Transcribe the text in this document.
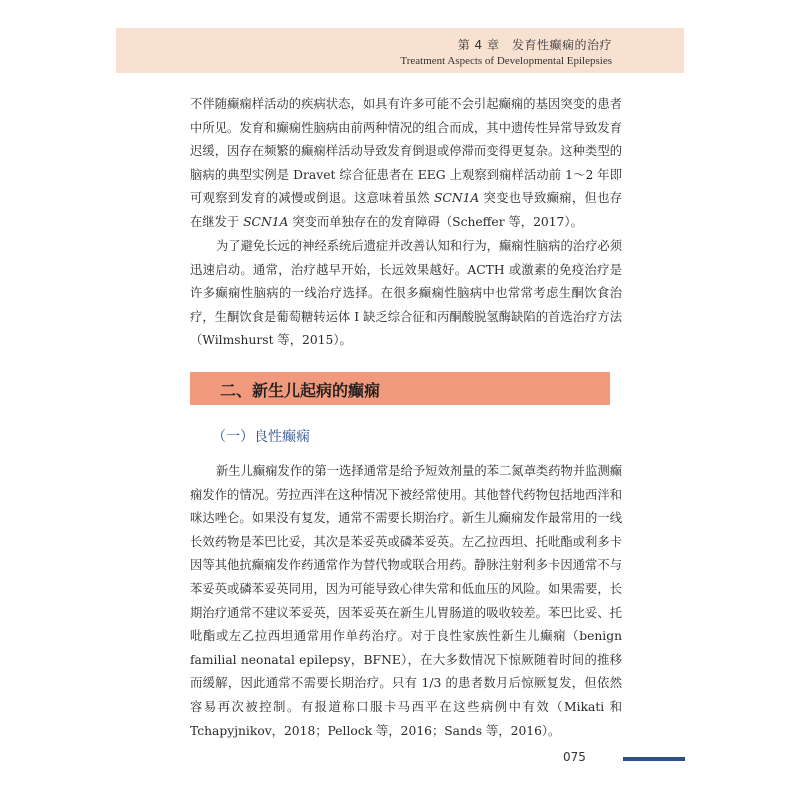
第 4 章　发育性癫痫的治疗
Treatment Aspects of Developmental Epilepsies

不伴随癫痫样活动的疾病状态，如具有许多可能不会引起癫痫的基因突变的患者中所见。发育和癫痫性脑病由前两种情况的组合而成，其中遗传性异常导致发育迟缓，因存在频繁的癫痫样活动导致发育倒退或停滞而变得更复杂。这种类型的脑病的典型实例是 Dravet 综合征患者在 EEG 上观察到痫样活动前 1～2 年即可观察到发育的减慢或倒退。这意味着虽然 SCN1A 突变也导致癫痫，但也存在继发于 SCN1A 突变而单独存在的发育障碍（Scheffer 等，2017）。

为了避免长远的神经系统后遗症并改善认知和行为，癫痫性脑病的治疗必须迅速启动。通常，治疗越早开始，长远效果越好。ACTH 或激素的免疫治疗是许多癫痫性脑病的一线治疗选择。在很多癫痫性脑病中也常常考虑生酮饮食治疗，生酮饮食是葡萄糖转运体 I 缺乏综合征和丙酮酸脱氢酶缺陷的首选治疗方法（Wilmshurst 等，2015）。

二、新生儿起病的癫痫
（一）良性癫痫

新生儿癫痫发作的第一选择通常是给予短效剂量的苯二氮䓬类药物并监测癫痫发作的情况。劳拉西泮在这种情况下被经常使用。其他替代药物包括地西泮和咪达唑仑。如果没有复发，通常不需要长期治疗。新生儿癫痫发作最常用的一线长效药物是苯巴比妥，其次是苯妥英或磷苯妥英。左乙拉西坦、托吡酯或利多卡因等其他抗癫痫发作药通常作为替代物或联合用药。静脉注射利多卡因通常不与苯妥英或磷苯妥英同用，因为可能导致心律失常和低血压的风险。如果需要，长期治疗通常不建议苯妥英，因苯妥英在新生儿胃肠道的吸收较差。苯巴比妥、托吡酯或左乙拉西坦通常用作单药治疗。对于良性家族性新生儿癫痫（benign familial neonatal epilepsy，BFNE），在大多数情况下惊厥随着时间的推移而缓解，因此通常不需要长期治疗。只有 1/3 的患者数月后惊厥复发，但依然容易再次被控制。有报道称口服卡马西平在这些病例中有效（Mikati 和 Tchapyjnikov，2018；Pellock 等，2016；Sands 等，2016）。

075
